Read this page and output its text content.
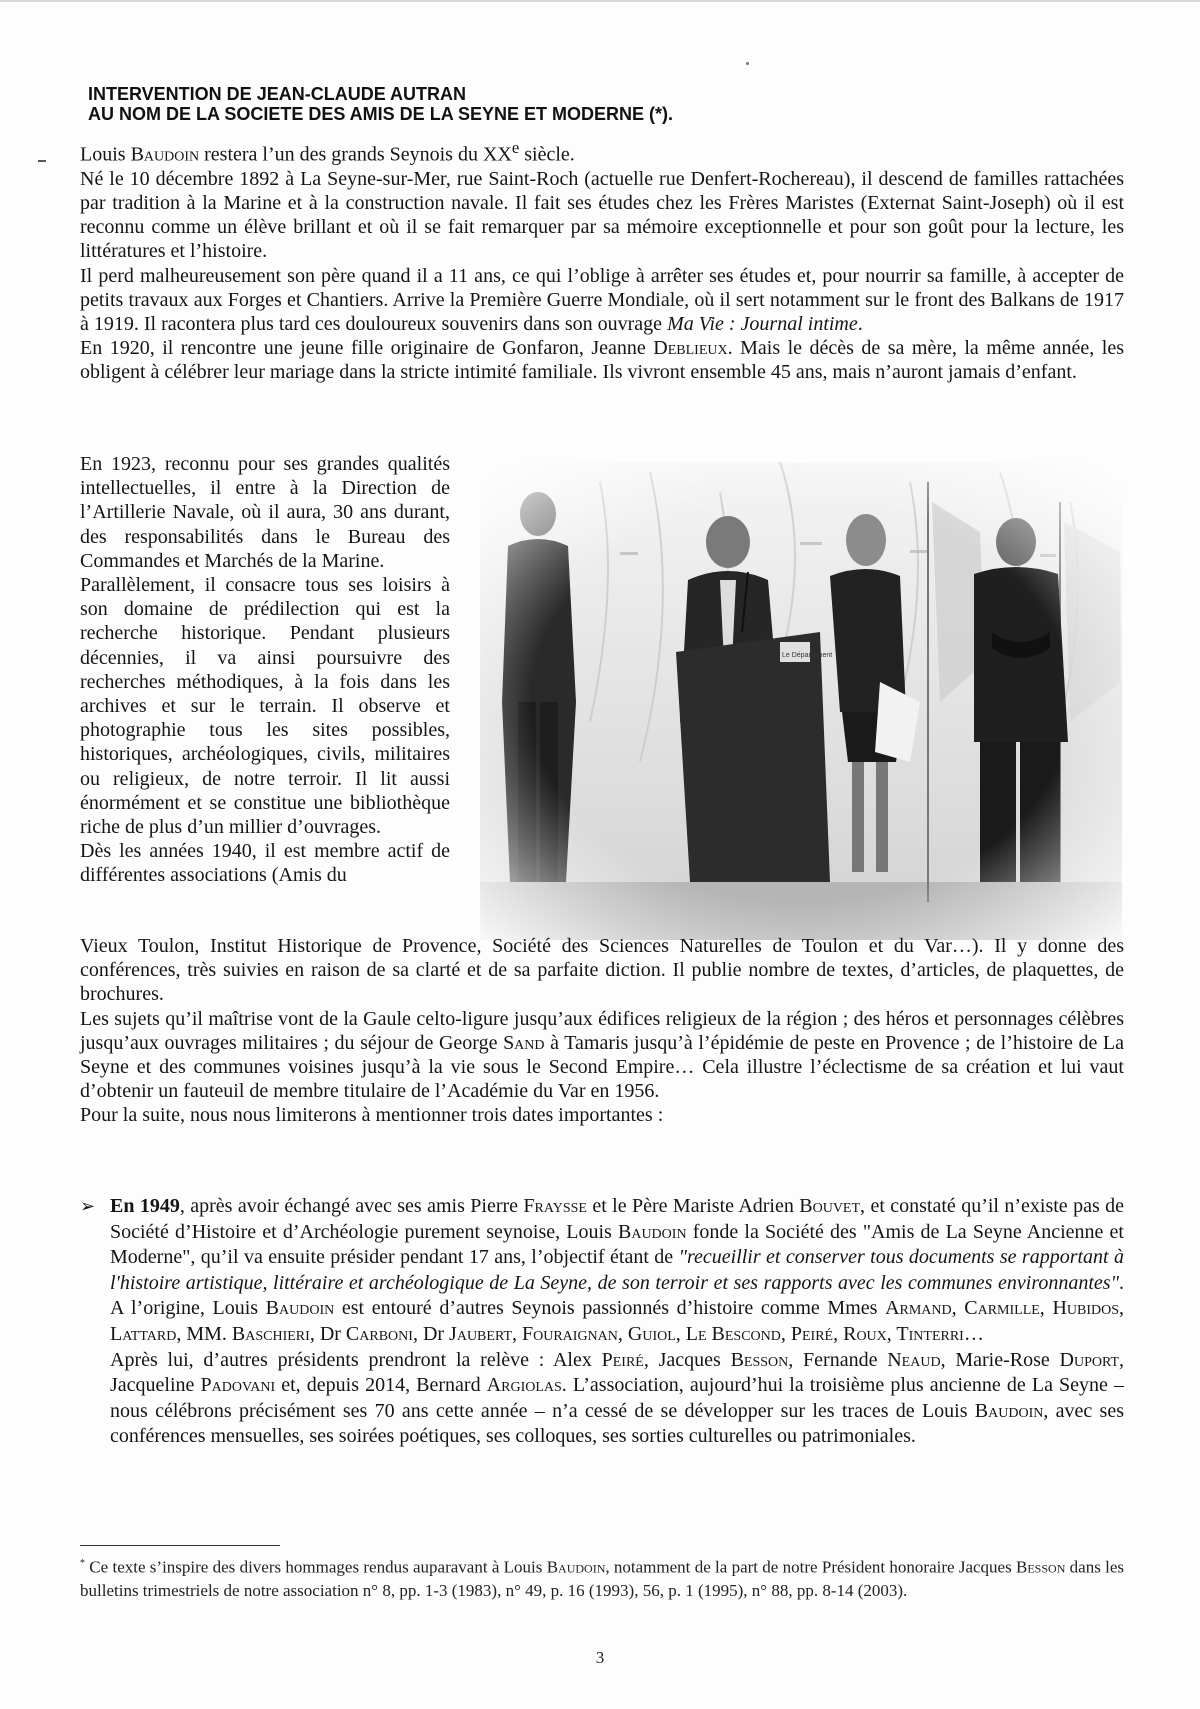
INTERVENTION DE JEAN-CLAUDE AUTRAN
AU NOM DE LA SOCIETE DES AMIS DE LA SEYNE ET MODERNE (*).

Louis Baudoin restera l’un des grands Seynois du XXe siècle.

Né le 10 décembre 1892 à La Seyne-sur-Mer, rue Saint-Roch (actuelle rue Denfert-Rochereau), il descend de familles rattachées par tradition à la Marine et à la construction navale. Il fait ses études chez les Frères Maristes (Externat Saint-Joseph) où il est reconnu comme un élève brillant et où il se fait remarquer par sa mémoire exceptionnelle et pour son goût pour la lecture, les littératures et l’histoire.

Il perd malheureusement son père quand il a 11 ans, ce qui l’oblige à arrêter ses études et, pour nourrir sa famille, à accepter de petits travaux aux Forges et Chantiers. Arrive la Première Guerre Mondiale, où il sert notamment sur le front des Balkans de 1917 à 1919. Il racontera plus tard ces douloureux souvenirs dans son ouvrage Ma Vie : Journal intime.

En 1920, il rencontre une jeune fille originaire de Gonfaron, Jeanne Deblieux. Mais le décès de sa mère, la même année, les obligent à célébrer leur mariage dans la stricte intimité familiale. Ils vivront ensemble 45 ans, mais n’auront jamais d’enfant.

En 1923, reconnu pour ses grandes qualités intellectuelles, il entre à la Direction de l’Artillerie Navale, où il aura, 30 ans durant, des responsabilités dans le Bureau des Commandes et Marchés de la Marine.

Parallèlement, il consacre tous ses loisirs à son domaine de prédilection qui est la recherche historique. Pendant plusieurs décennies, il va ainsi poursuivre des recherches méthodiques, à la fois dans les archives et sur le terrain. Il observe et photographie tous les sites possibles, historiques, archéologiques, civils, militaires ou religieux, de notre terroir. Il lit aussi énormément et se constitue une bibliothèque riche de plus d’un millier d’ouvrages.

Dès les années 1940, il est membre actif de différentes associations (Amis du

Vieux Toulon, Institut Historique de Provence, Société des Sciences Naturelles de Toulon et du Var…). Il y donne des conférences, très suivies en raison de sa clarté et de sa parfaite diction. Il publie nombre de textes, d’articles, de plaquettes, de brochures.

Les sujets qu’il maîtrise vont de la Gaule celto-ligure jusqu’aux édifices religieux de la région ; des héros et personnages célèbres jusqu’aux ouvrages militaires ; du séjour de George Sand à Tamaris jusqu’à l’épidémie de peste en Provence ; de l’histoire de La Seyne et des communes voisines jusqu’à la vie sous le Second Empire… Cela illustre l’éclectisme de sa création et lui vaut d’obtenir un fauteuil de membre titulaire de l’Académie du Var en 1956.

Pour la suite, nous nous limiterons à mentionner trois dates importantes :

➢ En 1949, après avoir échangé avec ses amis Pierre Fraysse et le Père Mariste Adrien Bouvet, et constaté qu’il n’existe pas de Société d’Histoire et d’Archéologie purement seynoise, Louis Baudoin fonde la Société des "Amis de La Seyne Ancienne et Moderne", qu’il va ensuite présider pendant 17 ans, l’objectif étant de "recueillir et conserver tous documents se rapportant à l'histoire artistique, littéraire et archéologique de La Seyne, de son terroir et ses rapports avec les communes environnantes". A l’origine, Louis Baudoin est entouré d’autres Seynois passionnés d’histoire comme Mmes Armand, Carmille, Hubidos, Lattard, MM. Baschieri, Dr Carboni, Dr Jaubert, Fouraignan, Guiol, Le Bescond, Peiré, Roux, Tinterri…

Après lui, d’autres présidents prendront la relève : Alex Peiré, Jacques Besson, Fernande Neaud, Marie-Rose Duport, Jacqueline Padovani et, depuis 2014, Bernard Argiolas. L’association, aujourd’hui la troisième plus ancienne de La Seyne – nous célébrons précisément ses 70 ans cette année – n’a cessé de se développer sur les traces de Louis Baudoin, avec ses conférences mensuelles, ses soirées poétiques, ses colloques, ses sorties culturelles ou patrimoniales.

* Ce texte s’inspire des divers hommages rendus auparavant à Louis Baudoin, notamment de la part de notre Président honoraire Jacques Besson dans les bulletins trimestriels de notre association n° 8, pp. 1-3 (1983), n° 49, p. 16 (1993), 56, p. 1 (1995), n° 88, pp. 8-14 (2003).
3
